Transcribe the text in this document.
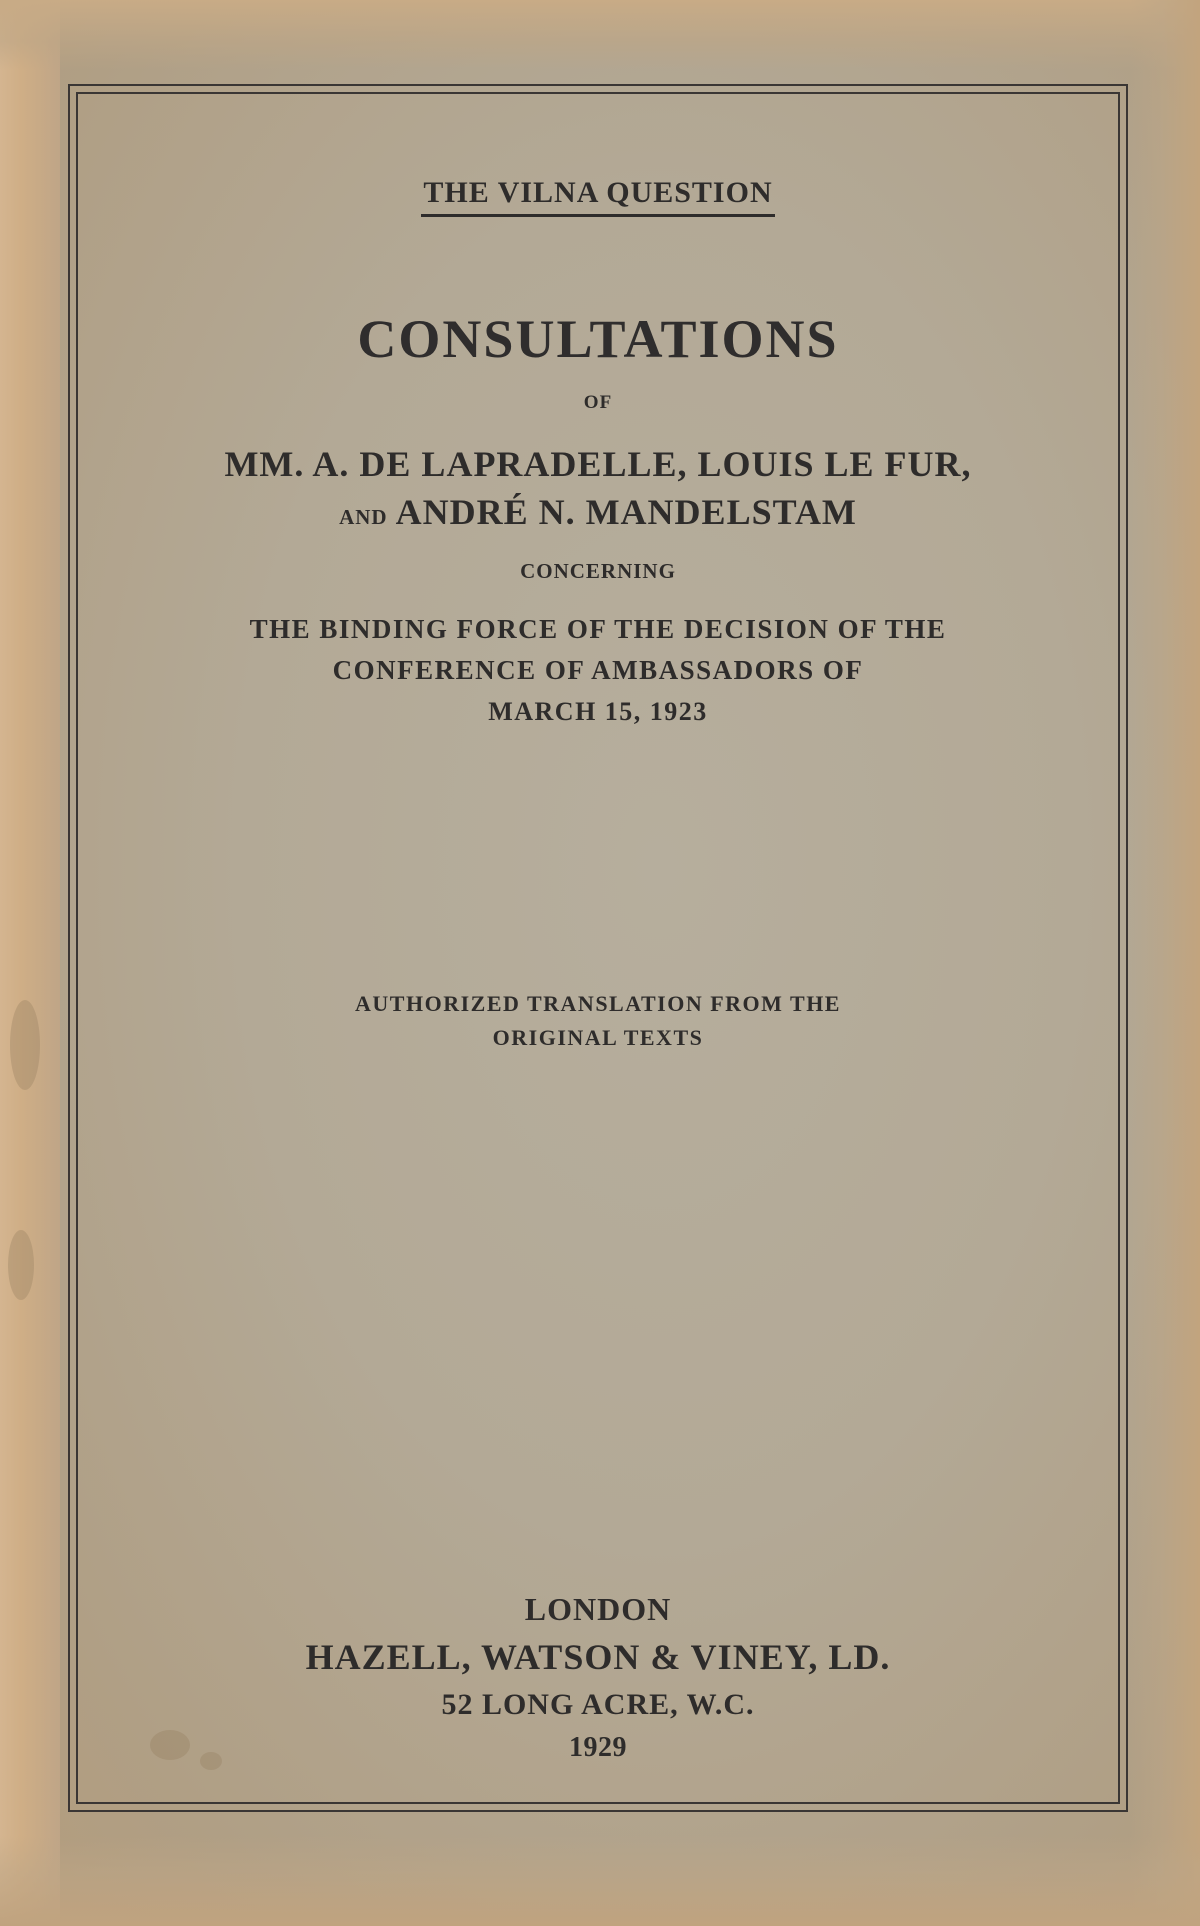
THE VILNA QUESTION
CONSULTATIONS
OF
MM. A. DE LAPRADELLE, LOUIS LE FUR,
AND ANDRÉ N. MANDELSTAM
CONCERNING
THE BINDING FORCE OF THE DECISION OF THE
CONFERENCE OF AMBASSADORS OF
MARCH 15, 1923
AUTHORIZED TRANSLATION FROM THE
ORIGINAL TEXTS
LONDON
HAZELL, WATSON & VINEY, LD.
52 LONG ACRE, W.C.
1929
